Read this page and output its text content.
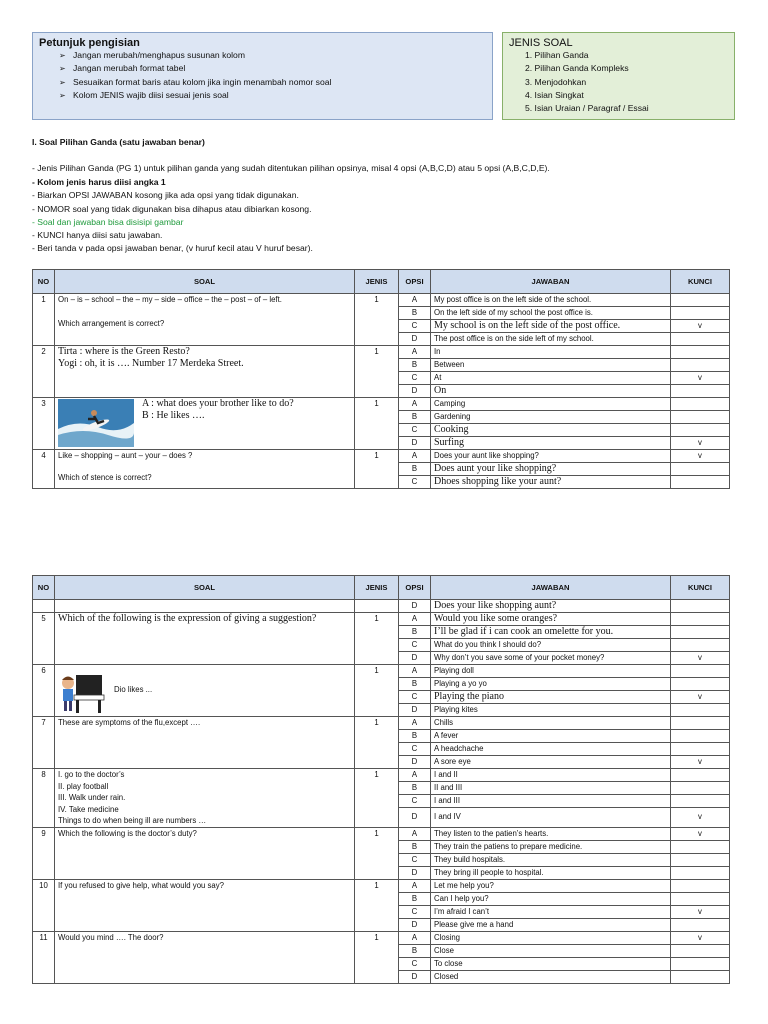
Petunjuk pengisian
➢ Jangan merubah/menghapus susunan kolom
➢ Jangan merubah format tabel
➢ Sesuaikan format baris atau kolom jika ingin menambah nomor soal
➢ Kolom JENIS wajib diisi sesuai jenis soal
JENIS SOAL
1. Pilihan Ganda
2. Pilihan Ganda Kompleks
3. Menjodohkan
4. Isian Singkat
5. Isian Uraian / Paragraf / Essai
I. Soal Pilihan Ganda (satu jawaban benar)
- Jenis Pilihan Ganda (PG 1) untuk pilihan ganda yang sudah ditentukan pilihan opsinya, misal 4 opsi (A,B,C,D) atau 5 opsi (A,B,C,D,E).
- Kolom jenis harus diisi angka 1
- Biarkan OPSI JAWABAN kosong jika ada opsi yang tidak digunakan.
- NOMOR soal yang tidak digunakan bisa dihapus atau dibiarkan kosong.
- Soal dan jawaban bisa disisipi gambar
- KUNCI hanya diisi satu jawaban.
- Beri tanda v pada opsi jawaban benar, (v huruf kecil atau V huruf besar).
NO	SOAL	JENIS	OPSI	JAWABAN	KUNCI
1	On – is – school – the – my – side – office – the – post – of – left.
Which arrangement is correct?	1	A	My post office is on the left side of the school.	
			B	On the left side of my school the post office is.	
			C	My school is on the left side of the post office.	v
			D	The post office is on the side left of my school.	
2	Tirta : where is the Green Resto?
Yogi : oh, it is …. Number 17 Merdeka Street.	1	A	In	
			B	Between	
			C	At	v
			D	On	
3	A : what does your brother like to do?
B : He likes ….	1	A	Camping	
			B	Gardening	
			C	Cooking	
			D	Surfing	v
4	Like – shopping – aunt – your – does ?
Which of stence is correct?	1	A	Does your aunt like shopping?	v
			B	Does aunt your like shopping?	
			C	Dhoes shopping like your aunt?	
NO	SOAL	JENIS	OPSI	JAWABAN	KUNCI
			D	Does your like shopping aunt?	
5	Which of the following is the expression of giving a suggestion?	1	A	Would you like some oranges?	
			B	I’ll be glad if i can cook an omelette for you.	
			C	What do you think I should do?	
			D	Why don’t you save some of your pocket money?	v
6	Dio likes ...	1	A	Playing doll	
			B	Playing a yo yo	
			C	Playing the piano	v
			D	Playing kites	
7	These are symptoms of the flu,except ….	1	A	Chills	
			B	A fever	
			C	A headchache	
			D	A sore eye	v
8	I. go to the doctor’s
II. play football
III. Walk under rain.
IV. Take medicine
Things to do when being ill are numbers …	1	A	I and II	
			B	II and III	
			C	I and III	
			D	I and IV	v
9	Which the following is the doctor’s duty?	1	A	They listen to the patien’s hearts.	v
			B	They train the patiens to prepare medicine.	
			C	They build hospitals.	
			D	They bring ill people to hospital.	
10	If you refused to give help, what would you say?	1	A	Let me help you?	
			B	Can I help you?	
			C	I’m afraid I can’t	v
			D	Please give me a hand	
11	Would you mind …. The door?	1	A	Closing	v
			B	Close	
			C	To close	
			D	Closed	
